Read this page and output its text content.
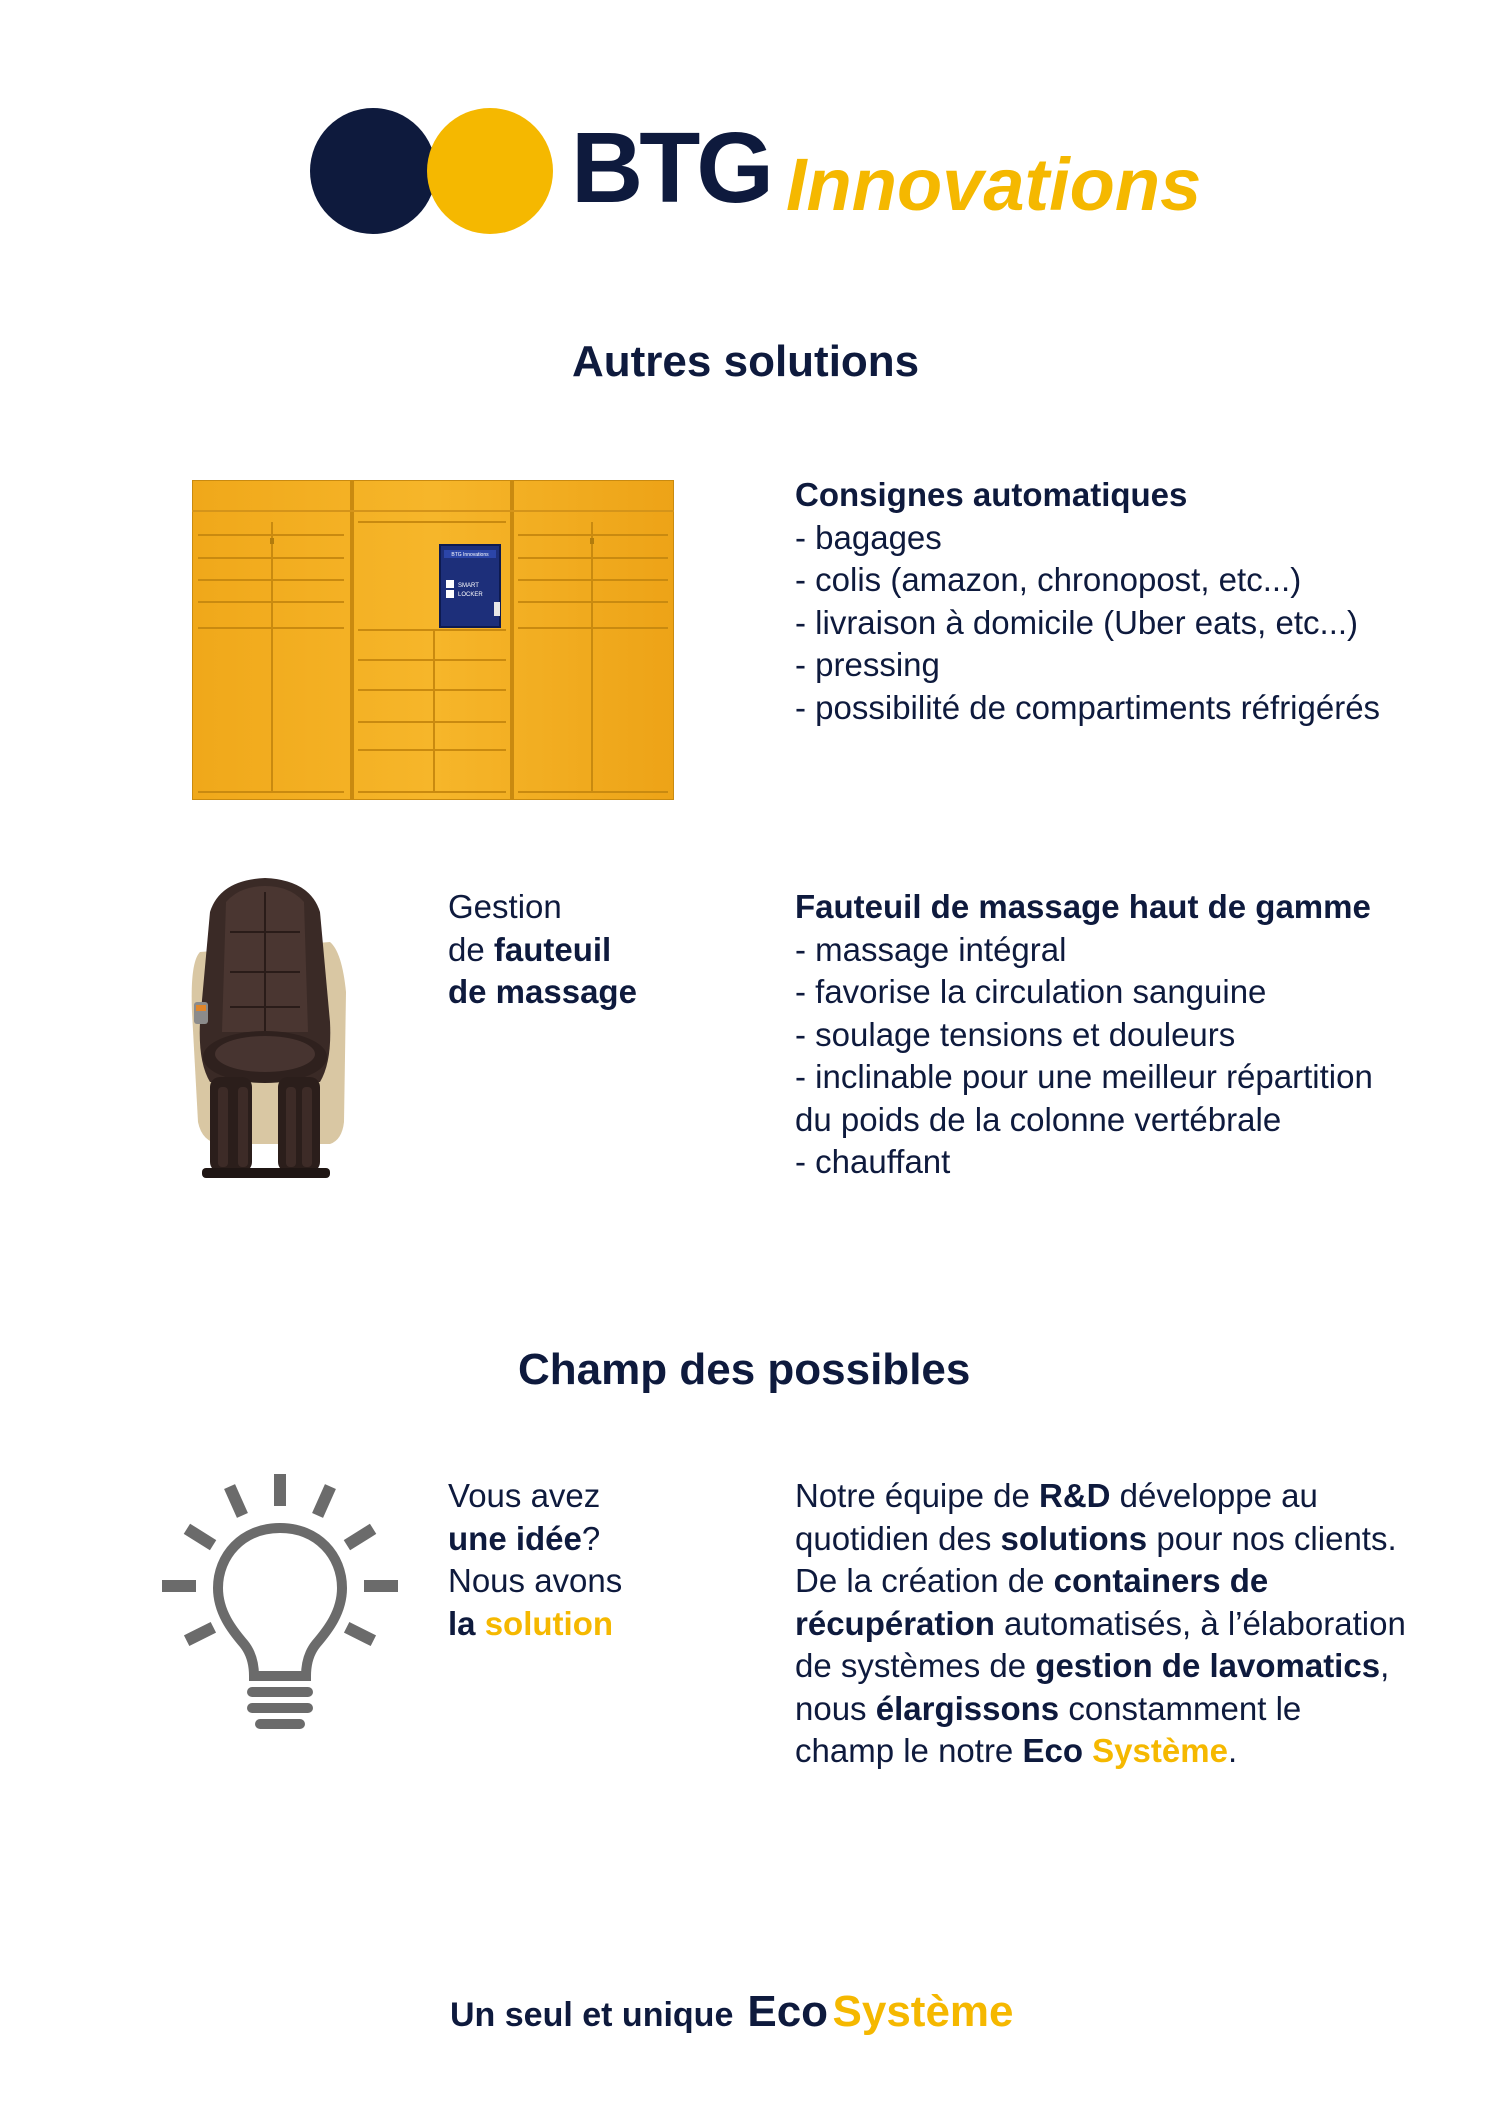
BTG Innovations
Autres solutions
BTG Innovations
SMART
LOCKER
Consignes automatiques
- bagages
- colis (amazon, chronopost, etc...)
- livraison à domicile (Uber eats, etc...)
- pressing
- possibilité de compartiments réfrigérés
Gestion
de fauteuil
de massage
Fauteuil de massage haut de gamme
- massage intégral
- favorise la circulation sanguine
- soulage tensions et douleurs
- inclinable pour une meilleur répartition
du poids de la colonne vertébrale
- chauffant
Champ des possibles
Vous avez
une idée?
Nous avons
la solution
Notre équipe de R&D développe au
quotidien des solutions pour nos clients.
De la création de containers de
récupération automatisés, à l’élaboration
de systèmes de gestion de lavomatics,
nous élargissons constamment le
champ le notre Eco Système.
Un seul et unique Eco Système
